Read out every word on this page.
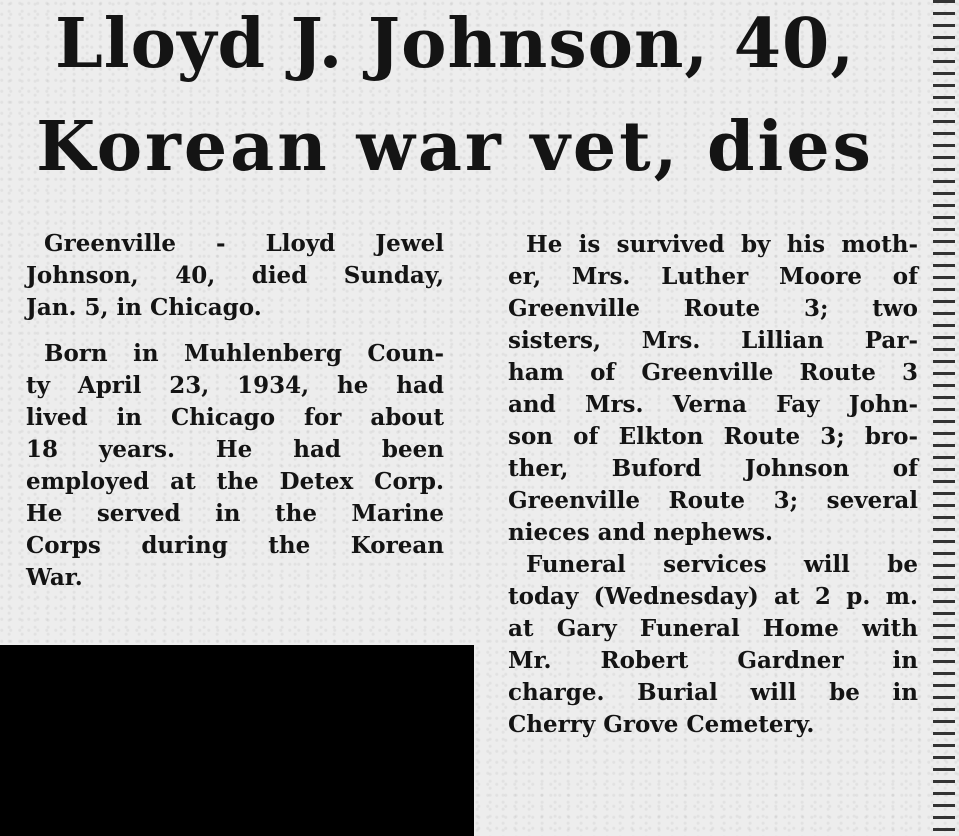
Lloyd J. Johnson, 40,
Korean war vet, dies
Greenville - Lloyd Jewel
Johnson, 40, died Sunday,
Jan. 5, in Chicago.
Born in Muhlenberg Coun-
ty April 23, 1934, he had
lived in Chicago for about
18 years. He had been
employed at the Detex Corp.
He served in the Marine
Corps during the Korean
War.
He is survived by his moth-
er, Mrs. Luther Moore of
Greenville Route 3; two
sisters, Mrs. Lillian Par-
ham of Greenville Route 3
and Mrs. Verna Fay John-
son of Elkton Route 3; bro-
ther, Buford Johnson of
Greenville Route 3; several
nieces and nephews.
Funeral services will be
today (Wednesday) at 2 p. m.
at Gary Funeral Home with
Mr. Robert Gardner in
charge. Burial will be in
Cherry Grove Cemetery.
